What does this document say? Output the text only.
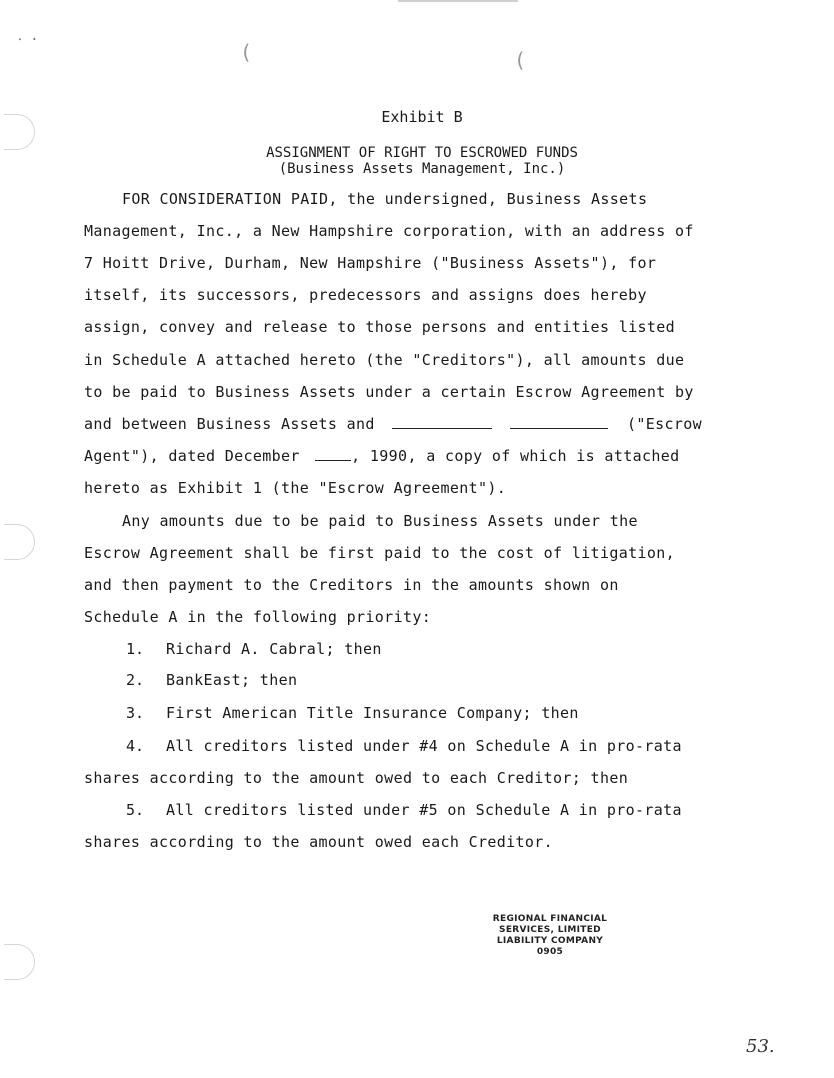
⸱ ·	(	(
Exhibit B
ASSIGNMENT OF RIGHT TO ESCROWED FUNDS
(Business Assets Management, Inc.)
FOR CONSIDERATION PAID, the undersigned, Business Assets
Management, Inc., a New Hampshire corporation, with an address of
7 Hoitt Drive, Durham, New Hampshire ("Business Assets"), for
itself, its successors, predecessors and assigns does hereby
assign, convey and release to those persons and entities listed
in Schedule A attached hereto (the "Creditors"), all amounts due
to be paid to Business Assets under a certain Escrow Agreement by
and between Business Assets and	("Escrow
Agent"), dated December	, 1990, a copy of which is attached
hereto as Exhibit 1 (the "Escrow Agreement").
Any amounts due to be paid to Business Assets under the
Escrow Agreement shall be first paid to the cost of litigation,
and then payment to the Creditors in the amounts shown on
Schedule A in the following priority:
1. Richard A. Cabral; then
2. BankEast; then
3. First American Title Insurance Company; then
4. All creditors listed under #4 on Schedule A in pro-rata
shares according to the amount owed to each Creditor; then
5. All creditors listed under #5 on Schedule A in pro-rata
shares according to the amount owed each Creditor.
REGIONAL FINANCIAL
SERVICES, LIMITED
LIABILITY COMPANY
0905
53.
